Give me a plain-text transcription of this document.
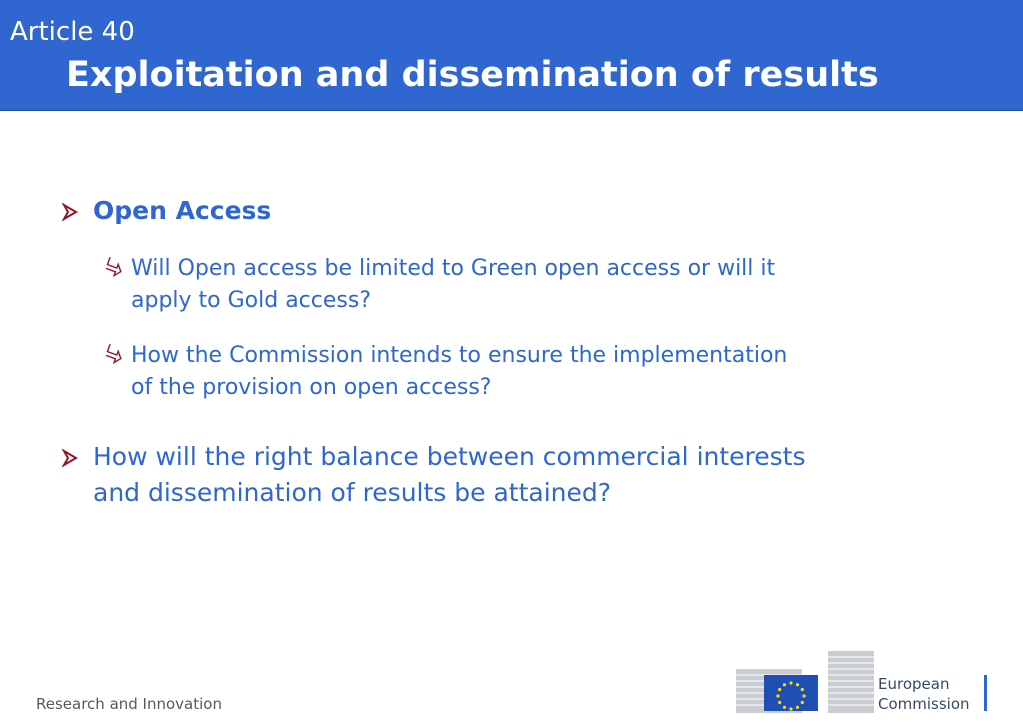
Article 40
Exploitation and dissemination of results
Open Access
Will Open access be limited to Green open access or will it
apply to Gold access?
How the Commission intends to ensure the implementation
of the provision on open access?
How will the right balance between commercial interests
and dissemination of results be attained?
Research and Innovation
European
Commission
